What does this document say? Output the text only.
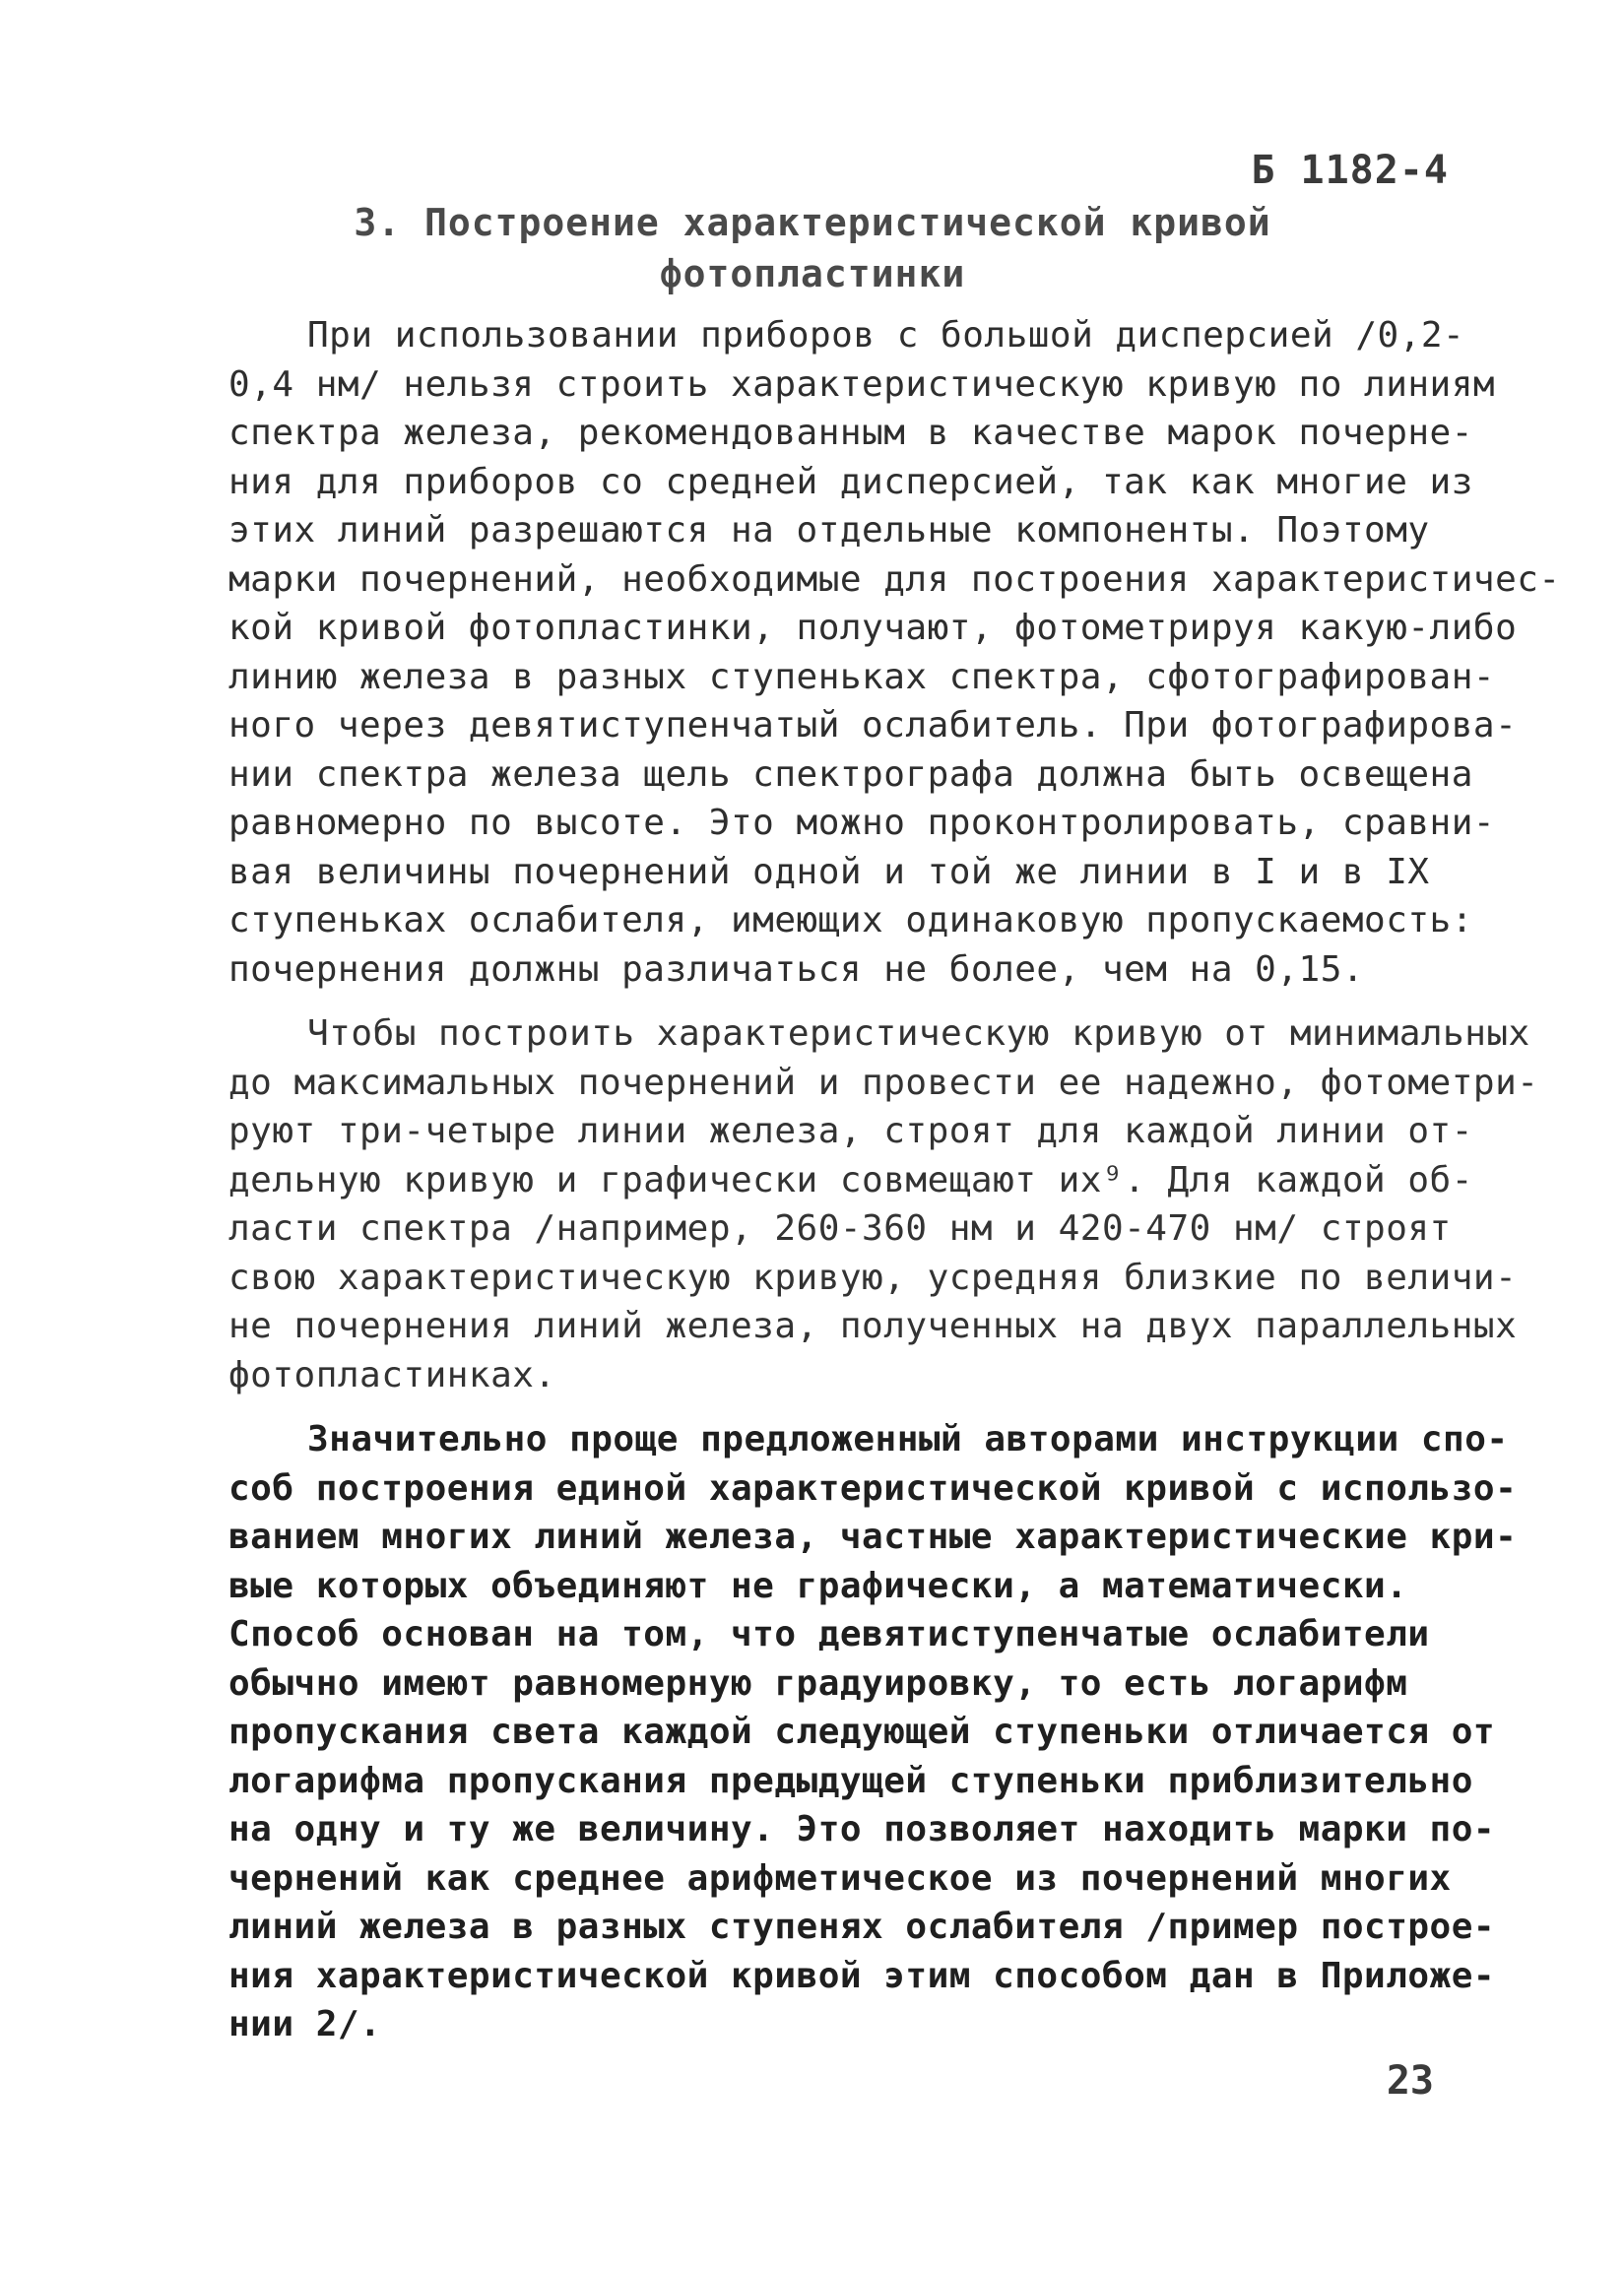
Б 1182-4
3. Построение характеристической кривой
фотопластинки
При использовании приборов с большой дисперсией /0,2-
0,4 нм/ нельзя строить характеристическую кривую по линиям
спектра железа, рекомендованным в качестве марок почерне-
ния для приборов со средней дисперсией, так как многие из
этих линий разрешаются на отдельные компоненты. Поэтому
марки почернений, необходимые для построения характеристичес-
кой кривой фотопластинки, получают, фотометрируя какую-либо
линию железа в разных ступеньках спектра, сфотографирован-
ного через девятиступенчатый ослабитель. При фотографирова-
нии спектра железа щель спектрографа должна быть освещена
равномерно по высоте. Это можно проконтролировать, сравни-
вая величины почернений одной и той же линии в I и в IX
ступеньках ослабителя, имеющих одинаковую пропускаемость:
почернения должны различаться не более, чем на 0,15.
Чтобы построить характеристическую кривую от минимальных
до максимальных почернений и провести ее надежно, фотометри-
руют три-четыре линии железа, строят для каждой линии от-
дельную кривую и графически совмещают их⁹. Для каждой об-
ласти спектра /например, 260-360 нм и 420-470 нм/ строят
свою характеристическую кривую, усредняя близкие по величи-
не почернения линий железа, полученных на двух параллельных
фотопластинках.
Значительно проще предложенный авторами инструкции спо-
соб построения единой характеристической кривой с использо-
ванием многих линий железа, частные характеристические кри-
вые которых объединяют не графически, а математически.
Способ основан на том, что девятиступенчатые ослабители
обычно имеют равномерную градуировку, то есть логарифм
пропускания света каждой следующей ступеньки отличается от
логарифма пропускания предыдущей ступеньки приблизительно
на одну и ту же величину. Это позволяет находить марки по-
чернений как среднее арифметическое из почернений многих
линий железа в разных ступенях ослабителя /пример построе-
ния характеристической кривой этим способом дан в Приложе-
нии 2/.
23
